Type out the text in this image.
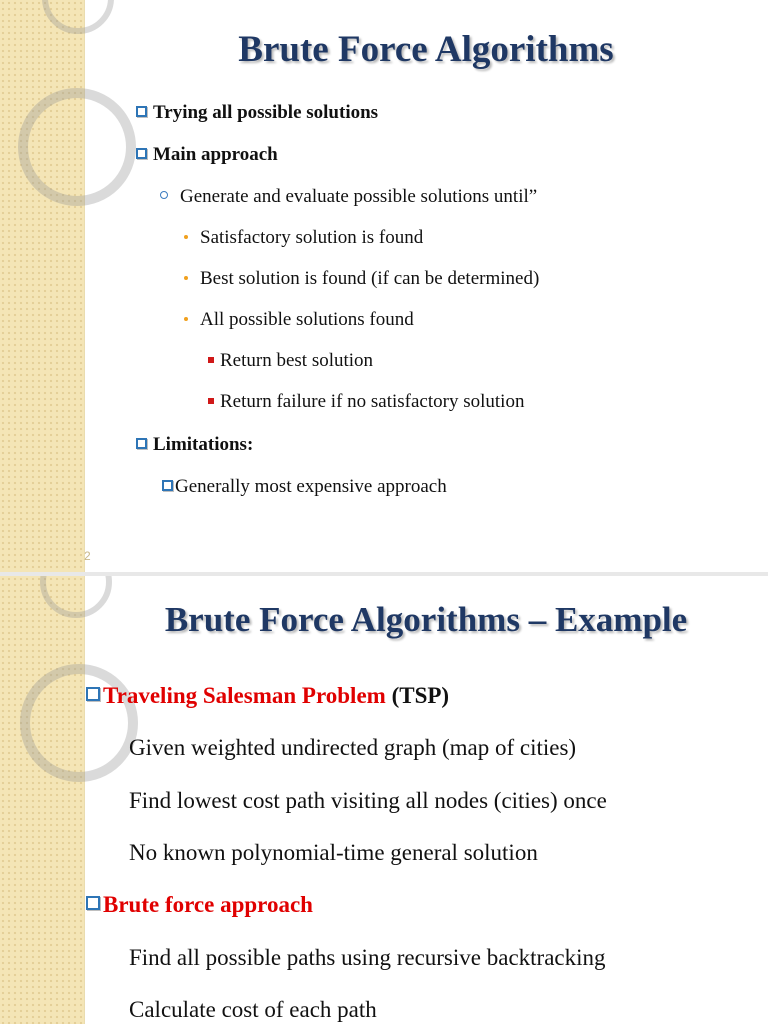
Brute Force Algorithms
Trying all possible solutions
Main approach
Generate and evaluate possible solutions until”
Satisfactory solution is found
Best solution is found (if can be determined)
All possible solutions found
Return best solution
Return failure if no satisfactory solution
Limitations:
Generally most expensive approach
2
Brute Force Algorithms – Example
Traveling Salesman Problem (TSP)
Given weighted undirected graph (map of cities)
Find lowest cost path visiting all nodes (cities) once
No known polynomial-time general solution
Brute force approach
Find all possible paths using recursive backtracking
Calculate cost of each path
